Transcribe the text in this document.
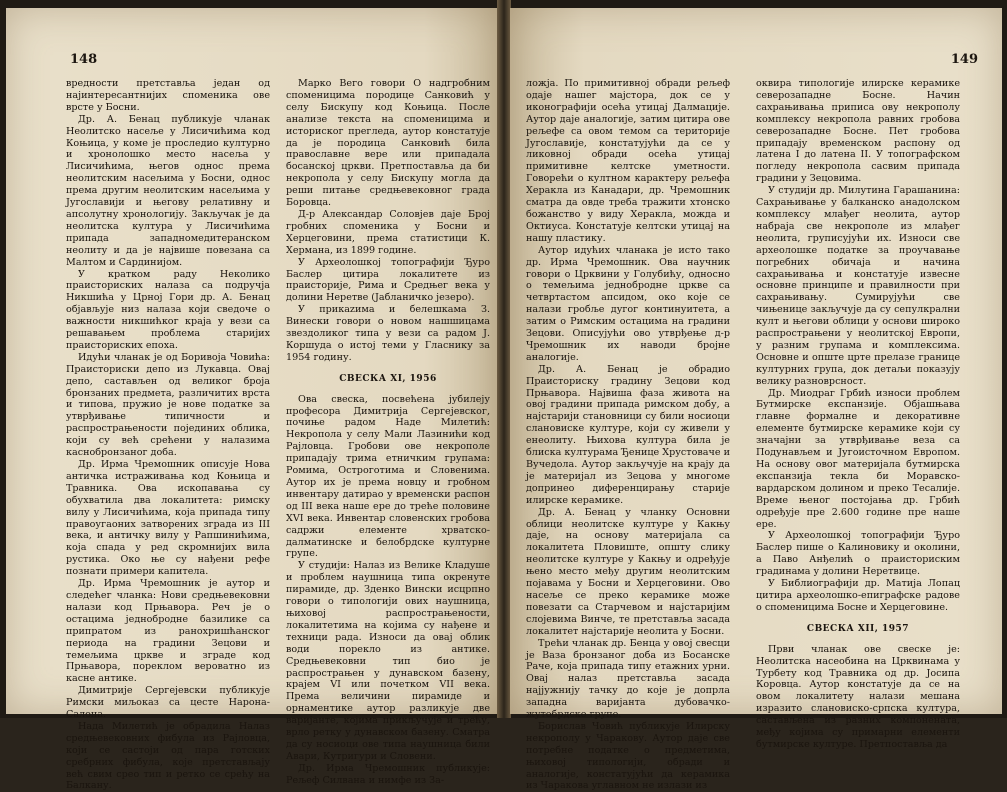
148

вредности претстављa један од најинтересантнијих споменика ове врсте у Босни.

Др. А. Бенац публикује чланак Неолитско насеље у Лисичићима код Коњица, у коме је проследио културно и хронолошко место насеља у Лисичићима, његов однос према неолитским насељима у Босни, однос према другим неолитским насељима у Југославији и његову релативну и апсолутну хронологију. Закључак је да неолитска култура у Лисичићима припада западномедитеранском неолиту и да је највише повезана са Малтом и Сардинијом.

У кратком раду Неколико праисториских налаза са подручја Никшића у Црној Гори др. А. Бенац објављује низ налаза који сведоче о важности никшићког краја у вези са решавањем проблема старијих праисториских епоха.

Идући чланак је од Боривоја Човића: Праисториски депо из Лукавца. Овај депо, састављен од великог броја бронзаних предмета, различитих врста и типова, пружио је нове податке за утврђивање типичности и распрострањености појединих облика, који су већ срећени у налазима каснобронзаног доба.

Др. Ирма Чремошник описује Нова античка истраживања код Коњица и Травника. Ова ископавања су обухватила два локалитета: римску вилу у Лисичићима, која припада типу правоугаоних затворених зграда из III века, и античку вилу у Рапшинићима, која спада у ред скромнијих вила рустика. Око ње су нађени рефе познати примери капитела.

Др. Ирма Чремошник је аутор и следећег чланка: Нови средњевековни налази код Прњавора. Реч је о остацима једнобродне базилике са припратом из ранохришћанског периода на градини Зецови и темељима цркве и зграде код Прњавора, пореклом вероватно из касне антике.

Димитрије Сергејевски публикује Римски миљоказ са цесте Нарона-Салона.

Нада Милетић је обрадила Налаз средњевековних фибула из Рајловца, који се састоји од пара готских сребрних фибула, које претстављају већ свим срео тип и ретко се срећу на Балкану.

Марко Вего говори О надгробним споменицима породице Санковић у селу Бискупу код Коњица. После анализе текста на споменицима и историског прегледа, аутор констатује да је породица Санковић била православне вере или припадала босанској цркви. Претпоставља да би некропола у селу Бискупу могла да реши питање средњевековног града Боровца.

Д-р Александар Соловјев даје Број гробних споменика у Босни и Херцеговини, према статистици К. Хермана, из 1899 године.

У Археолошкој топографији Ђуро Баслер цитира локалитете из праисторије, Рима и Средњег века у долини Неретве (Јабланичко језеро).

У прикazима и белешкама З. Винески говори о новом нашшицама звездоликог типа у вези са радом Ј. Коршуда о истој теми у Гласнику за 1954 годину.

СВЕСКА XI, 1956

Ова свеска, посвећена јубилеју професора Димитрија Сергејевског, почиње радом Наде Милетић: Некропола у селу Мали Лазинићи код Рајловца. Гробови ове некрополе припадају трима етничким групама: Ромима, Остроготима и Словенима. Аутор их је према новцу и гробном инвентару датирао у временски распон од III века наше ере до треће половине XVI века. Инвентар словенских гробова садржи елементе хрватско-далматинске и белобрдске културне групе.

У студији: Налаз из Велике Кладуше и проблем наушница типа окренуте пирамиде, др. Зденко Вински исцрпно говори о типологији ових наушница, њиховој распрострањености, локалитетима на којима су нађене и техници рада. Износи да овај облик води порекло из антике. Средњевековни тип био је распрострањен у дунавском базену, крајем VI или почетком VII века. Према величини пирамиде и орнаментике аутор разликује две варијанте, којима прикључује и трећу, врло ретку у дунавском базену. Сматра да су носиоци ове типа наушница били Авари, Кутригури и Словени.

Др. Ирма Чремошник публикује: Рељеф Силвана и нимфе из За-

149

ложја. По примитивној обради рељеф одаје нашег мајстора, док се у иконографији осећа утицај Далмације. Аутор даје аналогије, затим цитира ове рељефе са овом темом са територије Југославије, констатујући да се у ликовној обради осећа утицај примитивне келтске уметности. Говорећи о култном карактеру рељефа Херакла из Канадари, др. Чремошник сматра да овде треба тражити хтонско божанство у виду Херакла, можда и Октиуса. Констатује келтски утицај на нашу пластику.

Аутор идућих чланака је исто тако др. Ирма Чремошник. Ова научник говори о Црквини у Голубићу, односно о темељима једнобродне цркве са четвртастом апсидом, око које се налази гробље дугог континуитета, а затим о Римским остацима на градини Зецови. Описујући ово утврђење д-р Чремошник их наводи бројне аналогије.

Др. А. Бенац је обрадио Праисториску градину Зецови код Прњавора. Највиша фаза живота на овој градини припада римском добу, а најстарији становници су били носиоци слановиске културе, који су живели у енеолиту. Њихова култура била је блиска културама Ђенице Хрустоваче и Вучедола. Аутор закључује на крају да је материјал из Зецова у многоме допринео диференцирању старије илирске керамике.

Др. А. Бенац у чланку Основни облици неолитске културе у Какњу даје, на основу материјала са локалитета Пловиште, општу слику неолитске културе у Какњу и одређује њено место међу другим неолитским појавама у Босни и Херцеговини. Ово насеље се преко керамике може повезати са Старчевом и најстаријим слојевима Винче, те претставља засада локалитет најстарије неолита у Босни.

Трећи чланак др. Бенца у овој свесци је Ваза бронзаног доба из Босанске Раче, која припада типу етажних урни. Овај налаз претставља засада најјужнију тачку до које је допрла западна варијанта дубовачко-жутобрдске групе.

Борислав Човић публикује Илирску некрополу у Чаракову. Аутор даје све потребне податке о предметима, њиховој типологији, обради и аналогије, констатујући да керамика из Чаракова углавном не излази из

оквира типологије илирске керамике северозападне Босне. Начин сахрањивања приписа ову некрополу комплексу некропола равних гробова северозападне Босне. Пет гробова припадају временском распону од латена I до латена II. У топографском погледу некропола сасвим припада градини у Зецовима.

У студији др. Милутина Гарашанина: Сахрањивање у балканско анадолском комплексу млађег неолита, аутор набраја све некрополе из млађег неолита, груписујући их. Износи све археолошке податке за проучавање погребних обичаја и начина сахрањивања и констатује извесне основне принципе и правилности при сахрањивању. Сумирујући све чињенице закључује да су сепулкрални култ и његови облици у основи широко распрострањени у неолитској Европи, у разним групама и комплексима. Основне и опште црте прелазе границе културних група, док детаљи показују велику разноврсност.

Др. Миодраг Грбић износи проблем Бутмирске експанзије. Објашњава главне формалне и декоративне елементе бутмирске керамике који су значајни за утврђивање веза са Подунављем и Југоисточном Европом. На основу овог материјала бутмирска експанзија текла би Моравско-вардарском долином и преко Тесалије. Време њеног постојања др. Грбић одређује пре 2.600 године пре наше ере.

У Археолошкој топографији Ђуро Баслер пише о Калиновику и околини, а Паво Анђелић о праисториским градинама у долини Неретвице.

У Библиографији др. Матија Лопац цитира археолошко-епиграфске радове о споменицима Босне и Херцеговине.

СВЕСКА XII, 1957

Први чланак ове свеске је: Неолитска насеобина на Црквинама у Турбету код Травника од др. Јосипа Коровца. Аутор констатује да се на овом локалитету налази мешана изразито слановиско-српска култура, састављена из разних компонената, међу којима су примарни елементи бутмирске културе. Претпоставља да
